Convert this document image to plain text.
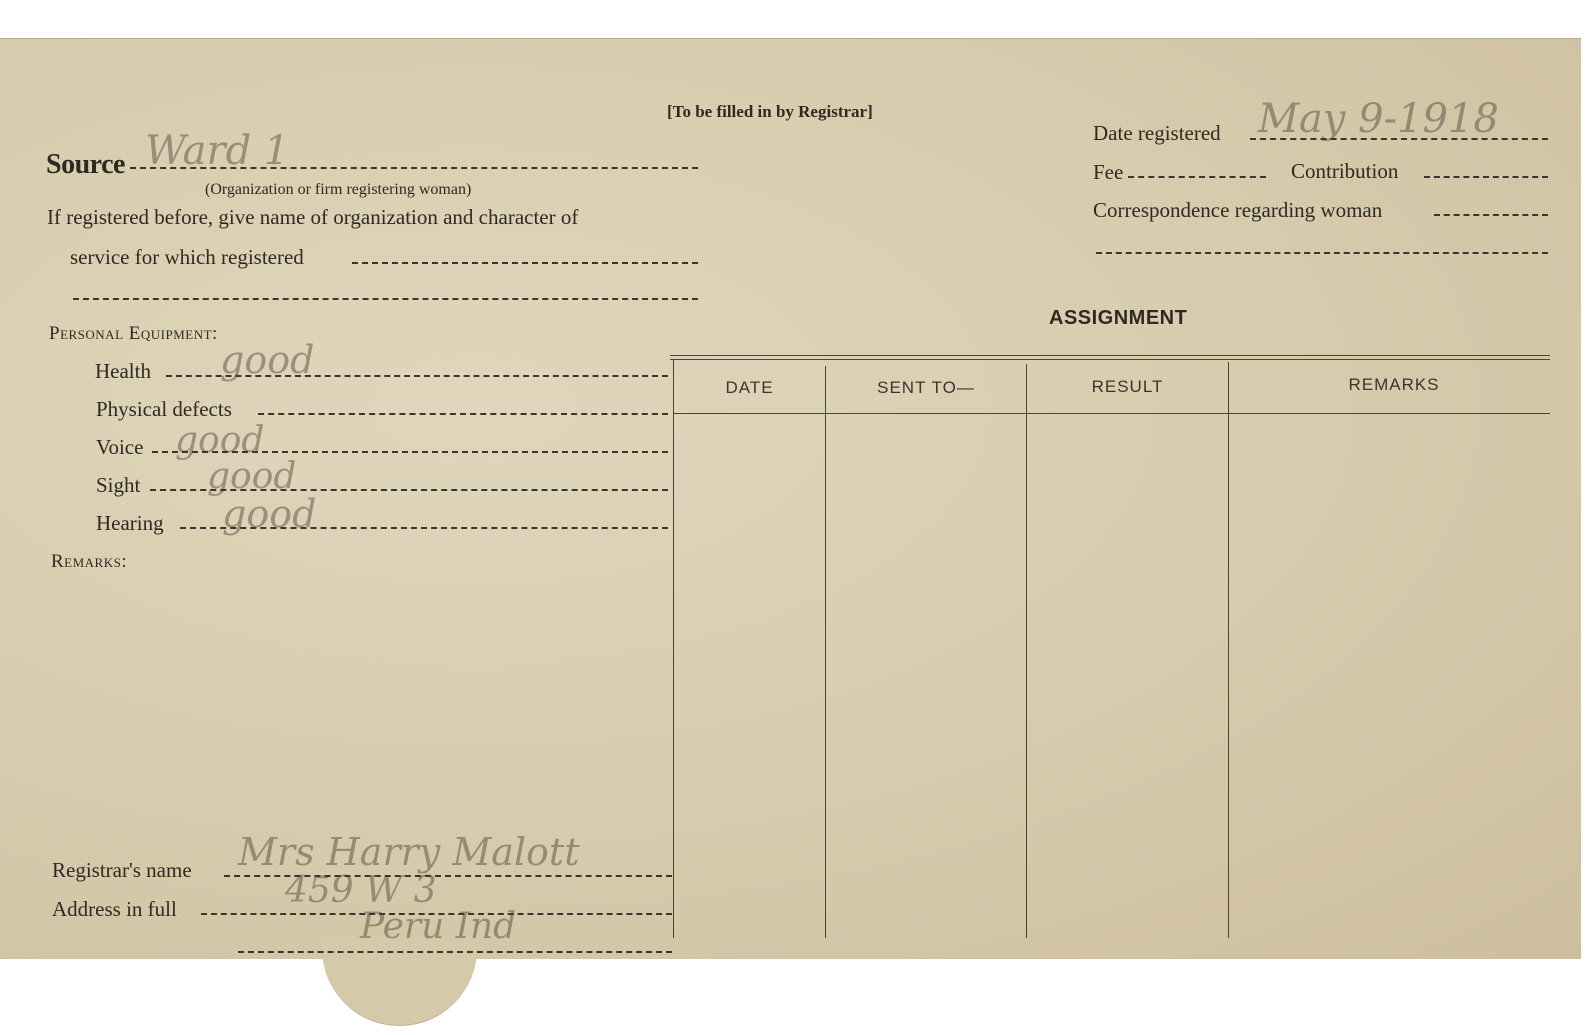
[To be filled in by Registrar]
Source Ward 1
(Organization or firm registering woman)
If registered before, give name of organization and character of
service for which registered
Personal Equipment:
Health good
Physical defects
Voice good
Sight good
Hearing good
Remarks:
Registrar's name Mrs Harry Malott
Address in full	459 W 3
Peru Ind
Date registered May 9-1918
Fee	Contribution
Correspondence regarding woman
ASSIGNMENT
DATE	SENT TO—	RESULT	REMARKS
